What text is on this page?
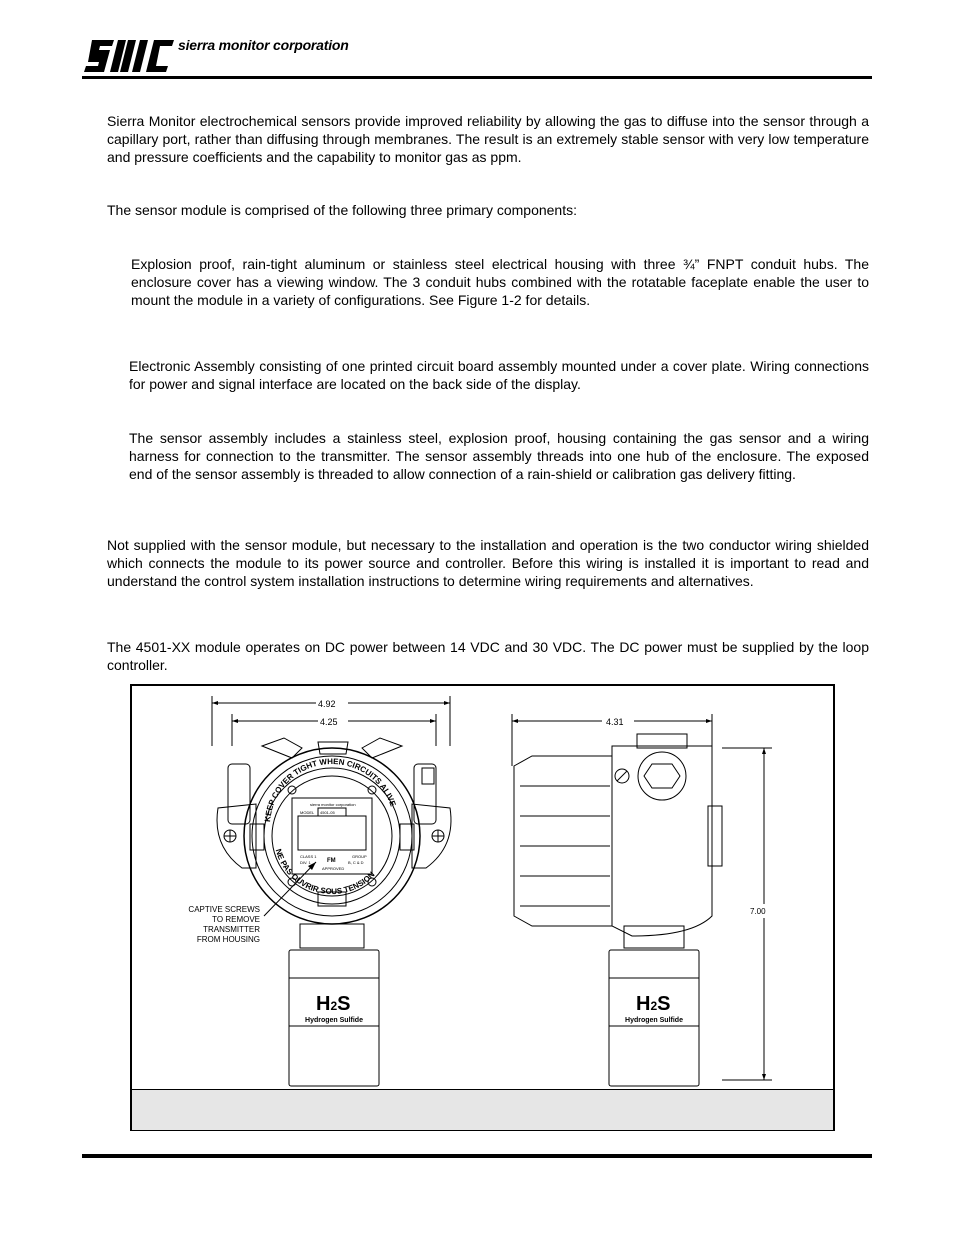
sierra monitor corporation
Sierra Monitor electrochemical sensors provide improved reliability by allowing the gas to diffuse into the sensor through a capillary port, rather than diffusing through membranes. The result is an extremely stable sensor with very low temperature and pressure coefficients and the capability to monitor gas as ppm.
The sensor module is comprised of the following three primary components:
Explosion proof, rain-tight aluminum or stainless steel electrical housing with three ¾” FNPT conduit hubs. The enclosure cover has a viewing window. The 3 conduit hubs combined with the rotatable faceplate enable the user to mount the module in a variety of configurations. See Figure 1-2 for details.
Electronic Assembly consisting of one printed circuit board assembly mounted under a cover plate. Wiring connections for power and signal interface are located on the back side of the display.
The sensor assembly includes a stainless steel, explosion proof, housing containing the gas sensor and a wiring harness for connection to the transmitter. The sensor assembly threads into one hub of the enclosure. The exposed end of the sensor assembly is threaded to allow connection of a rain-shield or calibration gas delivery fitting.
Not supplied with the sensor module, but necessary to the installation and operation is the two conductor wiring shielded which connects the module to its power source and controller. Before this wiring is installed it is important to read and understand the control system installation instructions to determine wiring requirements and alternatives.
The 4501-XX module operates on DC power between 14 VDC and 30 VDC. The DC power must be supplied by the loop controller.
4.92
4.25	4.31
7.00
KEEP COVER TIGHT WHEN CIRCUITS ALIVE
NE PAS OUVRIR SOUS TENSION
sierra monitor corporation
MODEL 4501-05
CLASS 1
DIV. 1
GROUP
B, C & D
FM
APPROVED
CAPTIVE SCREWS
TO REMOVE
TRANSMITTER
FROM HOUSING
H2S
Hydrogen Sulfide
H2S
Hydrogen Sulfide
